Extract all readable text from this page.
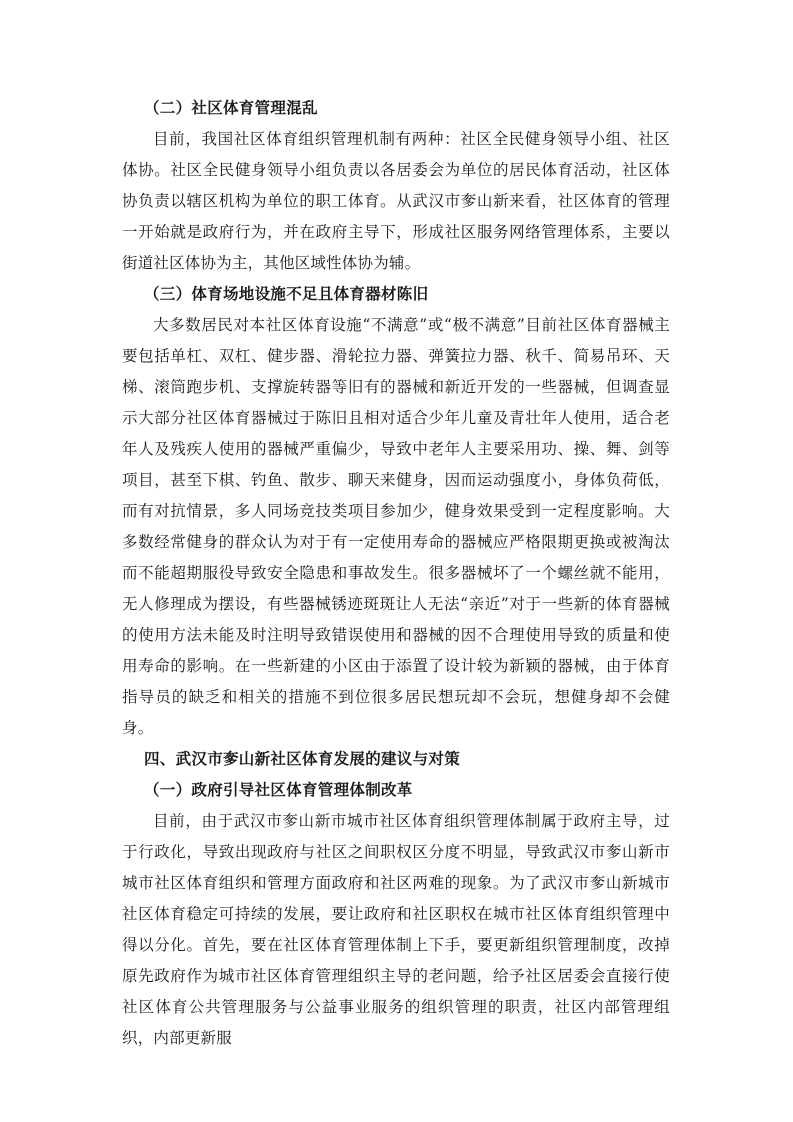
（二）社区体育管理混乱

目前，我国社区体育组织管理机制有两种：社区全民健身领导小组、社区体协。社区全民健身领导小组负责以各居委会为单位的居民体育活动，社区体协负责以辖区机构为单位的职工体育。从武汉市奓山新来看，社区体育的管理一开始就是政府行为，并在政府主导下，形成社区服务网络管理体系，主要以街道社区体协为主，其他区域性体协为辅。

（三）体育场地设施不足且体育器材陈旧

大多数居民对本社区体育设施“不满意”或“极不满意”目前社区体育器械主要包括单杠、双杠、健步器、滑轮拉力器、弹簧拉力器、秋千、简易吊环、天梯、滚筒跑步机、支撑旋转器等旧有的器械和新近开发的一些器械，但调查显示大部分社区体育器械过于陈旧且相对适合少年儿童及青壮年人使用，适合老年人及残疾人使用的器械严重偏少，导致中老年人主要采用功、操、舞、剑等项目，甚至下棋、钓鱼、散步、聊天来健身，因而运动强度小，身体负荷低，而有对抗情景，多人同场竞技类项目参加少，健身效果受到一定程度影响。大多数经常健身的群众认为对于有一定使用寿命的器械应严格限期更换或被淘汰而不能超期服役导致安全隐患和事故发生。很多器械坏了一个螺丝就不能用，无人修理成为摆设，有些器械锈迹斑斑让人无法“亲近”对于一些新的体育器械的使用方法未能及时注明导致错误使用和器械的因不合理使用导致的质量和使用寿命的影响。在一些新建的小区由于添置了设计较为新颖的器械，由于体育指导员的缺乏和相关的措施不到位很多居民想玩却不会玩，想健身却不会健身。

四、武汉市奓山新社区体育发展的建议与对策
（一）政府引导社区体育管理体制改革

目前，由于武汉市奓山新市城市社区体育组织管理体制属于政府主导，过于行政化，导致出现政府与社区之间职权区分度不明显，导致武汉市奓山新市城市社区体育组织和管理方面政府和社区两难的现象。为了武汉市奓山新城市社区体育稳定可持续的发展，要让政府和社区职权在城市社区体育组织管理中得以分化。首先，要在社区体育管理体制上下手，要更新组织管理制度，改掉原先政府作为城市社区体育管理组织主导的老问题，给予社区居委会直接行使社区体育公共管理服务与公益事业服务的组织管理的职责，社区内部管理组织，内部更新服
